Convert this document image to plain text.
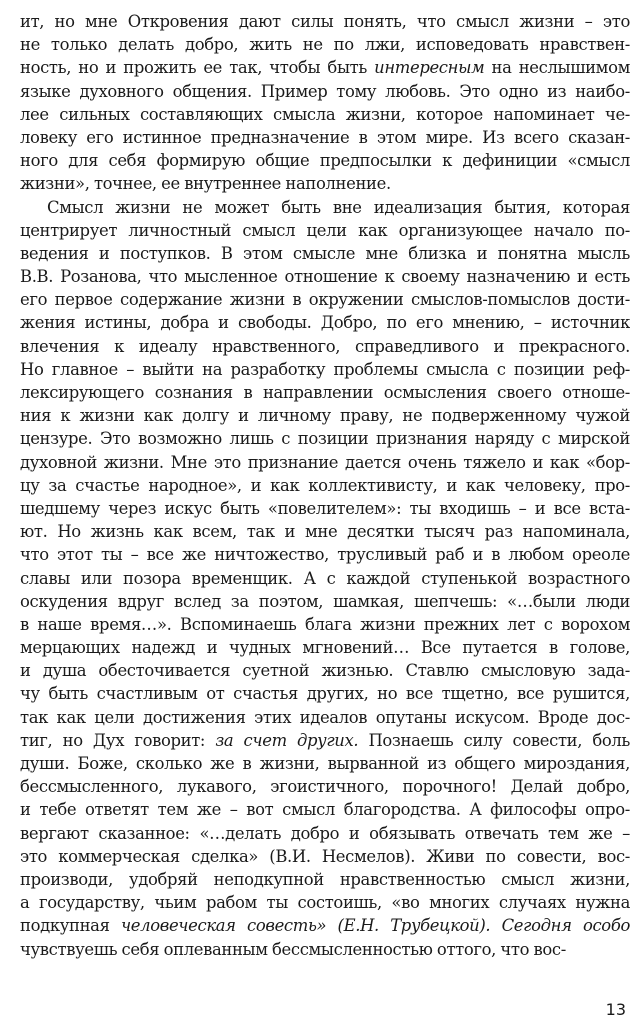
ит, но мне Откровения дают силы понять, что смысл жизни – это
не только делать добро, жить не по лжи, исповедовать нравствен-
ность, но и прожить ее так, чтобы быть интересным на неслышимом
языке духовного общения. Пример тому любовь. Это одно из наибо-
лее сильных составляющих смысла жизни, которое напоминает че-
ловеку его истинное предназначение в этом мире. Из всего сказан-
ного для себя формирую общие предпосылки к дефиниции «смысл
жизни», точнее, ее внутреннее наполнение.
Смысл жизни не может быть вне идеализация бытия, которая
центрирует личностный смысл цели как организующее начало по-
ведения и поступков. В этом смысле мне близка и понятна мысль
В.В. Розанова, что мысленное отношение к своему назначению и есть
его первое содержание жизни в окружении смыслов-помыслов дости-
жения истины, добра и свободы. Добро, по его мнению, – источник
влечения к идеалу нравственного, справедливого и прекрасного.
Но главное – выйти на разработку проблемы смысла с позиции реф-
лексирующего сознания в направлении осмысления своего отноше-
ния к жизни как долгу и личному праву, не подверженному чужой
цензуре. Это возможно лишь с позиции признания наряду с мирской
духовной жизни. Мне это признание дается очень тяжело и как «бор-
цу за счастье народное», и как коллективисту, и как человеку, про-
шедшему через искус быть «повелителем»: ты входишь – и все вста-
ют. Но жизнь как всем, так и мне десятки тысяч раз напоминала,
что этот ты – все же ничтожество, трусливый раб и в любом ореоле
славы или позора временщик. А с каждой ступенькой возрастного
оскудения вдруг вслед за поэтом, шамкая, шепчешь: «…были люди
в наше время…». Вспоминаешь блага жизни прежних лет с ворохом
мерцающих надежд и чудных мгновений… Все путается в голове,
и душа обесточивается суетной жизнью. Ставлю смысловую зада-
чу быть счастливым от счастья других, но все тщетно, все рушится,
так как цели достижения этих идеалов опутаны искусом. Вроде дос-
тиг, но Дух говорит: за счет других. Познаешь силу совести, боль
души. Боже, сколько же в жизни, вырванной из общего мироздания,
бессмысленного, лукавого, эгоистичного, порочного! Делай добро,
и тебе ответят тем же – вот смысл благородства. А философы опро-
вергают сказанное: «…делать добро и обязывать отвечать тем же –
это коммерческая сделка» (В.И. Несмелов). Живи по совести, вос-
производи, удобряй неподкупной нравственностью смысл жизни,
а государству, чьим рабом ты состоишь, «во многих случаях нужна
подкупная человеческая совесть» (Е.Н. Трубецкой). Сегодня особо
чувствуешь себя оплеванным бессмысленностью оттого, что вос-
13
